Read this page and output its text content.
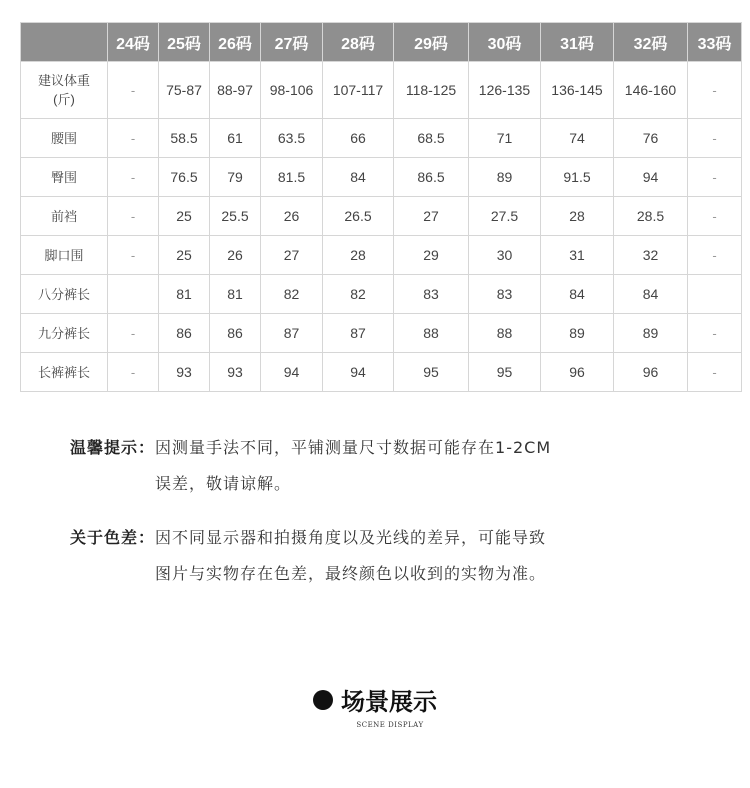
	24码	25码	26码	27码	28码	29码	30码	31码	32码	33码
建议体重
(斤)	-	75-87	88-97	98-106	107-117	118-125	126-135	136-145	146-160	-
腰围	-	58.5	61	63.5	66	68.5	71	74	76	-
臀围	-	76.5	79	81.5	84	86.5	89	91.5	94	-
前裆	-	25	25.5	26	26.5	27	27.5	28	28.5	-
脚口围	-	25	26	27	28	29	30	31	32	-
八分裤长		81	81	82	82	83	83	84	84	
九分裤长	-	86	86	87	87	88	88	89	89	-
长裤裤长	-	93	93	94	94	95	95	96	96	-
温馨提示： 因测量手法不同，平铺测量尺寸数据可能存在1-2CM
误差，敬请谅解。
关于色差： 因不同显示器和拍摄角度以及光线的差异，可能导致
图片与实物存在色差，最终颜色以收到的实物为准。
场景展示
SCENE DISPLAY
